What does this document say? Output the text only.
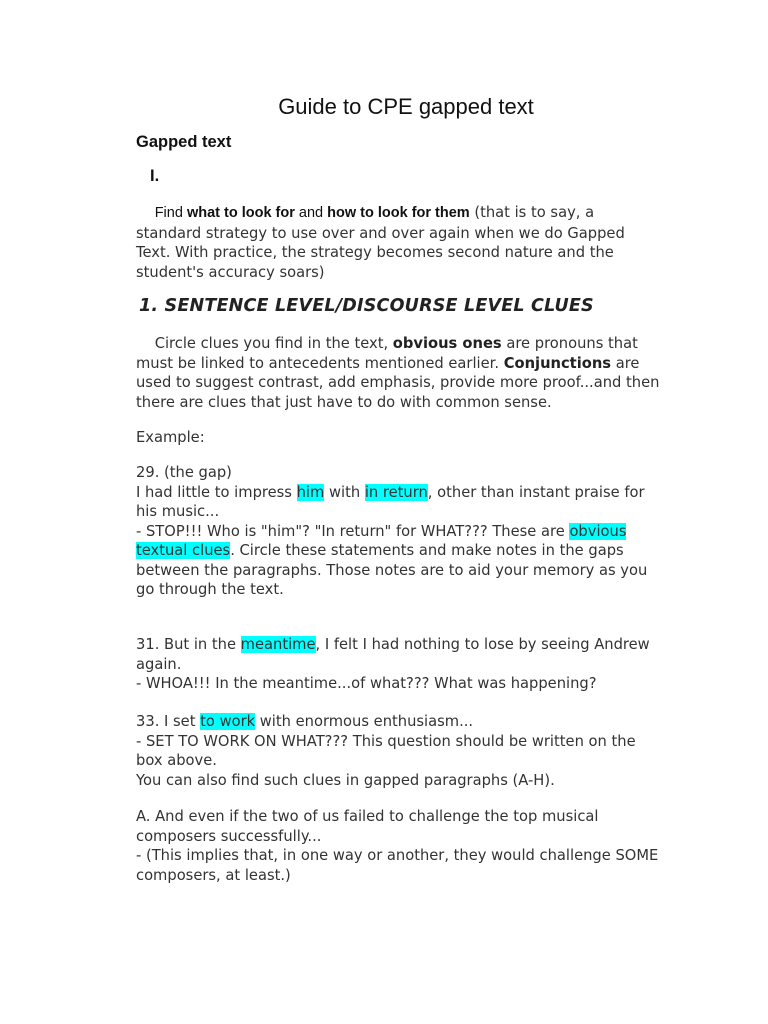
Guide to CPE gapped text
Gapped text
I.
Find what to look for and how to look for them (that is to say, a
standard strategy to use over and over again when we do Gapped
Text. With practice, the strategy becomes second nature and the
student's accuracy soars)
1. SENTENCE LEVEL/DISCOURSE LEVEL CLUES
Circle clues you find in the text, obvious ones are pronouns that
must be linked to antecedents mentioned earlier. Conjunctions are
used to suggest contrast, add emphasis, provide more proof...and then
there are clues that just have to do with common sense.
Example:
29. (the gap)
I had little to impress him with in return, other than instant praise for
his music...
- STOP!!! Who is "him"? "In return" for WHAT??? These are obvious
textual clues. Circle these statements and make notes in the gaps
between the paragraphs. Those notes are to aid your memory as you
go through the text.
31. But in the meantime, I felt I had nothing to lose by seeing Andrew
again.
- WHOA!!! In the meantime...of what??? What was happening?
33. I set to work with enormous enthusiasm...
- SET TO WORK ON WHAT??? This question should be written on the
box above.
You can also find such clues in gapped paragraphs (A-H).
A. And even if the two of us failed to challenge the top musical
composers successfully...
- (This implies that, in one way or another, they would challenge SOME
composers, at least.)
